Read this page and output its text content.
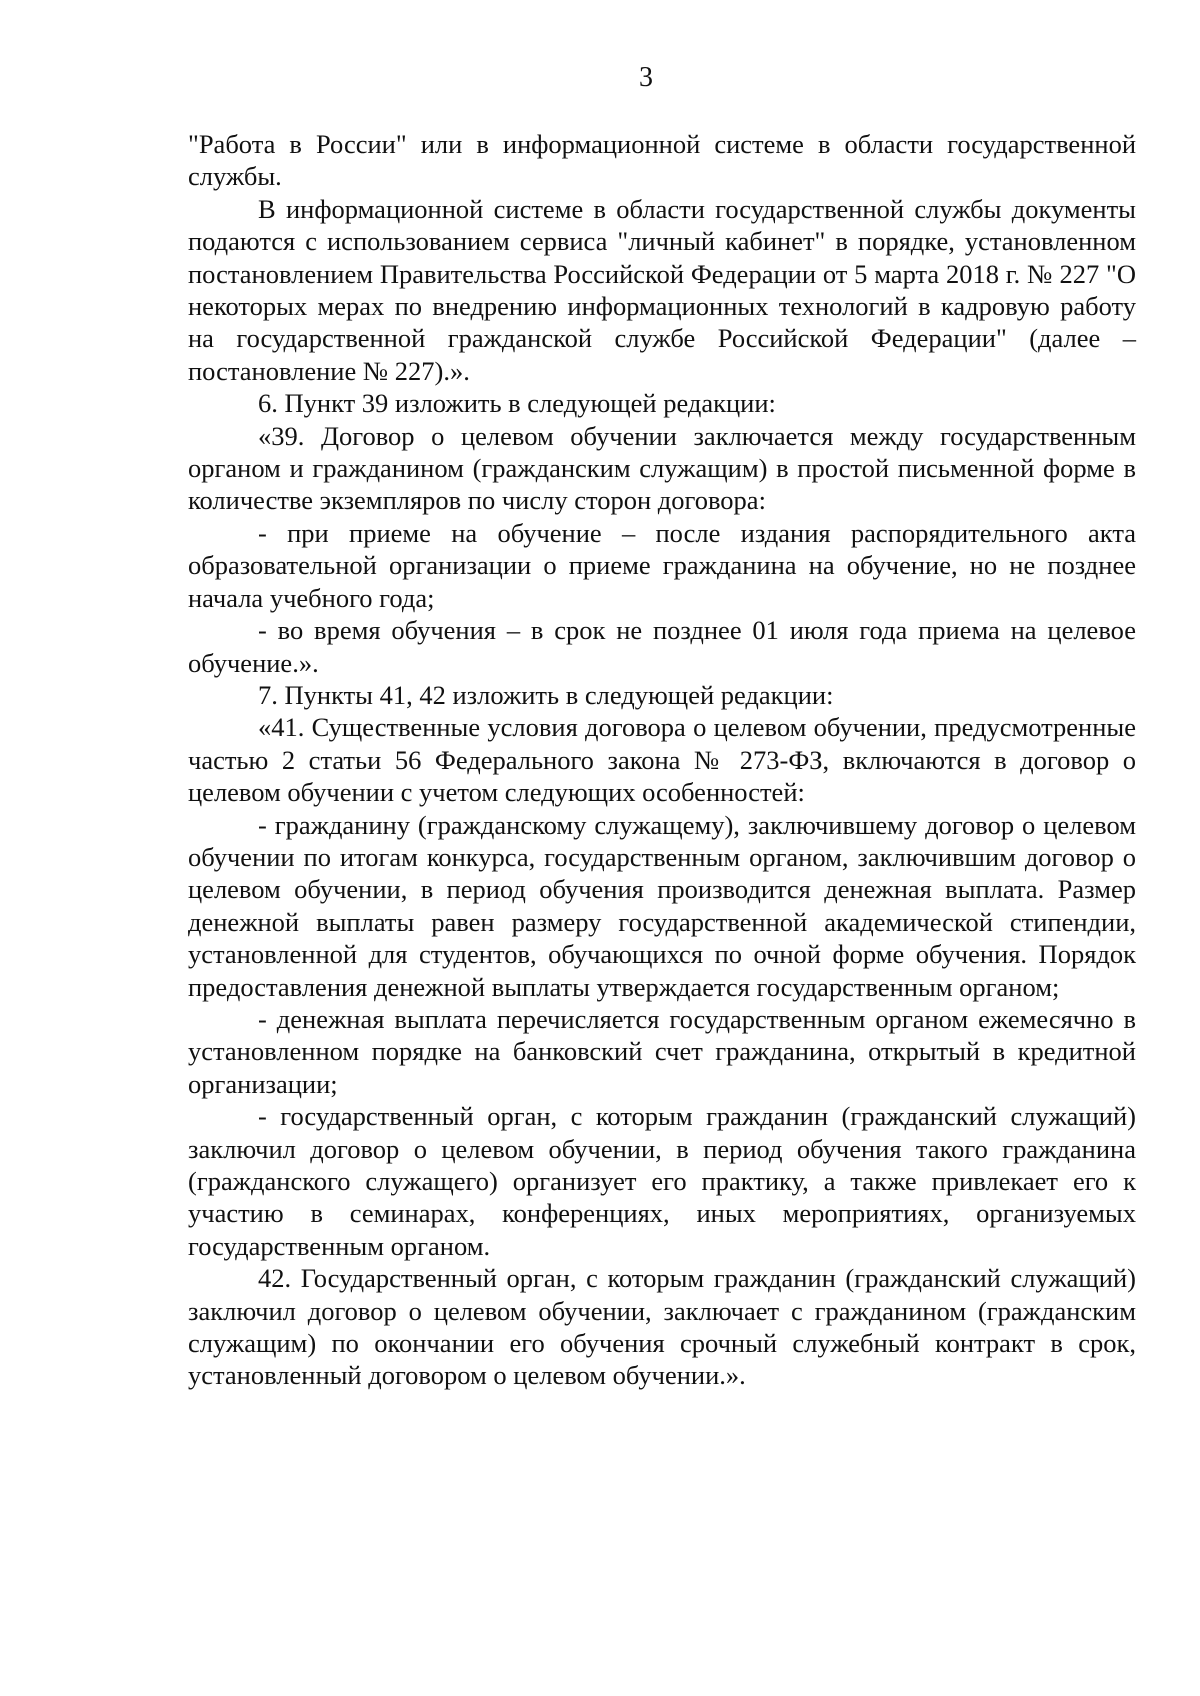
3

"Работа в России" или в информационной системе в области государственной службы.

В информационной системе в области государственной службы документы подаются с использованием сервиса "личный кабинет" в порядке, установленном постановлением Правительства Российской Федерации от 5 марта 2018 г. № 227 "О некоторых мерах по внедрению информационных технологий в кадровую работу на государственной гражданской службе Российской Федерации" (далее – постановление № 227).».

6. Пункт 39 изложить в следующей редакции:

«39. Договор о целевом обучении заключается между государственным органом и гражданином (гражданским служащим) в простой письменной форме в количестве экземпляров по числу сторон договора:

- при приеме на обучение – после издания распорядительного акта образовательной организации о приеме гражданина на обучение, но не позднее начала учебного года;

- во время обучения – в срок не позднее 01 июля года приема на целевое обучение.».

7. Пункты 41, 42 изложить в следующей редакции:

«41. Существенные условия договора о целевом обучении, предусмотренные частью 2 статьи 56 Федерального закона № 273-ФЗ, включаются в договор о целевом обучении с учетом следующих особенностей:

- гражданину (гражданскому служащему), заключившему договор о целевом обучении по итогам конкурса, государственным органом, заключившим договор о целевом обучении, в период обучения производится денежная выплата. Размер денежной выплаты равен размеру государственной академической стипендии, установленной для студентов, обучающихся по очной форме обучения. Порядок предоставления денежной выплаты утверждается государственным органом;

- денежная выплата перечисляется государственным органом ежемесячно в установленном порядке на банковский счет гражданина, открытый в кредитной организации;

- государственный орган, с которым гражданин (гражданский служащий) заключил договор о целевом обучении, в период обучения такого гражданина (гражданского служащего) организует его практику, а также привлекает его к участию в семинарах, конференциях, иных мероприятиях, организуемых государственным органом.

42. Государственный орган, с которым гражданин (гражданский служащий) заключил договор о целевом обучении, заключает с гражданином (гражданским служащим) по окончании его обучения срочный служебный контракт в срок, установленный договором о целевом обучении.».
